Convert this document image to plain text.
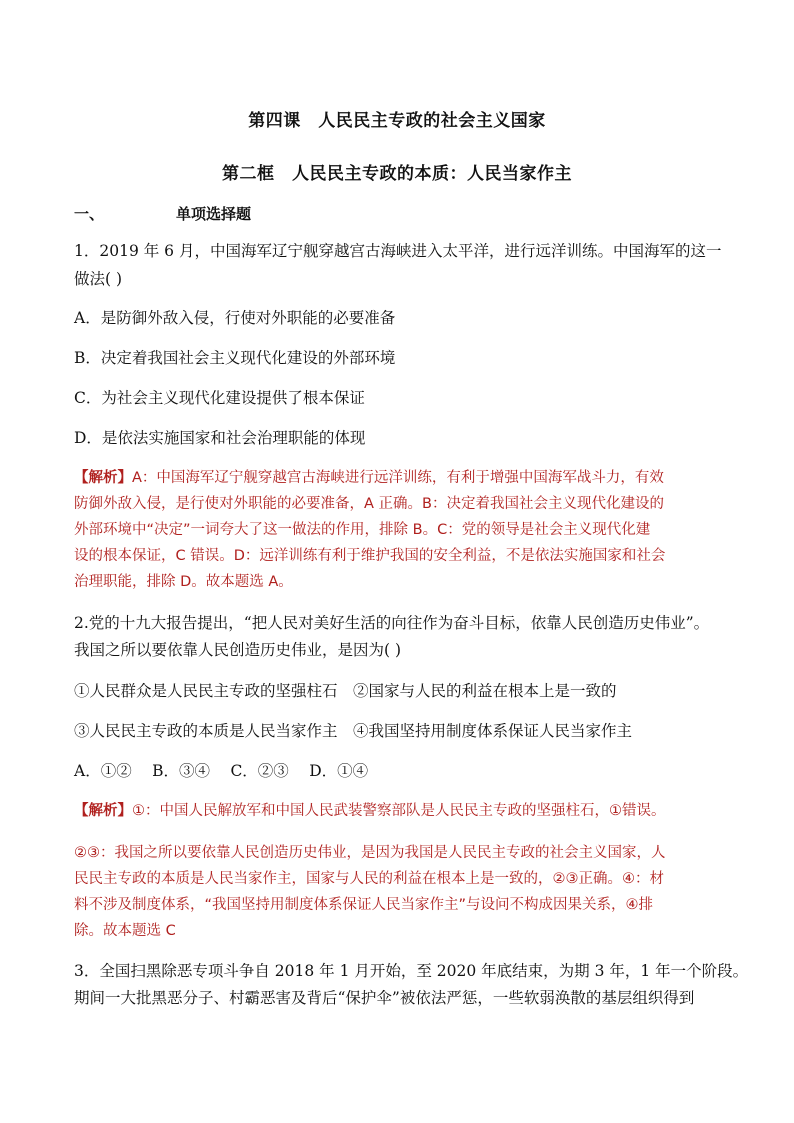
第四课　人民民主专政的社会主义国家
第二框　人民民主专政的本质：人民当家作主
一、	单项选择题
1．2019 年 6 月，中国海军辽宁舰穿越宫古海峡进入太平洋，进行远洋训练。中国海军的这一
做法( )
A．是防御外敌入侵，行使对外职能的必要准备
B．决定着我国社会主义现代化建设的外部环境
C．为社会主义现代化建设提供了根本保证
D．是依法实施国家和社会治理职能的体现
【解析】A：中国海军辽宁舰穿越宫古海峡进行远洋训练，有利于增强中国海军战斗力，有效
防御外敌入侵，是行使对外职能的必要准备，A 正确。B：决定着我国社会主义现代化建设的
外部环境中“决定”一词夸大了这一做法的作用，排除 B。C：党的领导是社会主义现代化建
设的根本保证，C 错误。D：远洋训练有利于维护我国的安全利益，不是依法实施国家和社会
治理职能，排除 D。故本题选 A。
2.党的十九大报告提出，“把人民对美好生活的向往作为奋斗目标，依靠人民创造历史伟业”。
我国之所以要依靠人民创造历史伟业，是因为( )
①人民群众是人民民主专政的坚强柱石　②国家与人民的利益在根本上是一致的
③人民民主专政的本质是人民当家作主　④我国坚持用制度体系保证人民当家作主
A．①②　 B．③④　 C．②③　 D．①④
【解析】①：中国人民解放军和中国人民武装警察部队是人民民主专政的坚强柱石，①错误。
②③：我国之所以要依靠人民创造历史伟业，是因为我国是人民民主专政的社会主义国家，人
民民主专政的本质是人民当家作主，国家与人民的利益在根本上是一致的，②③正确。④：材
料不涉及制度体系，“我国坚持用制度体系保证人民当家作主”与设问不构成因果关系，④排
除。故本题选 C
3．全国扫黑除恶专项斗争自 2018 年 1 月开始，至 2020 年底结束，为期 3 年，1 年一个阶段。
期间一大批黑恶分子、村霸恶害及背后“保护伞”被依法严惩，一些软弱涣散的基层组织得到
